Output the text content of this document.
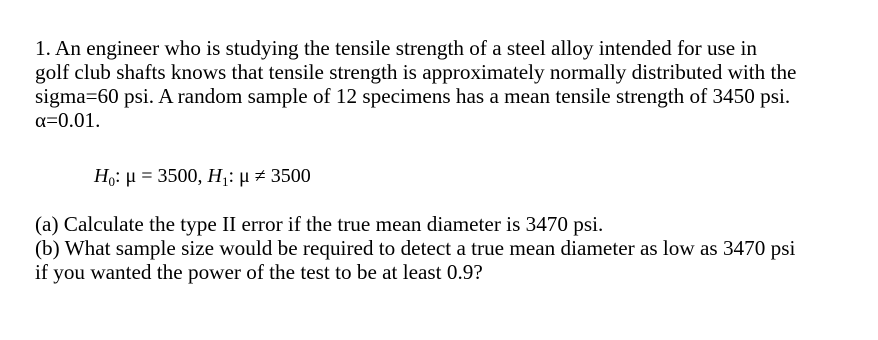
1. An engineer who is studying the tensile strength of a steel alloy intended for use in
golf club shafts knows that tensile strength is approximately normally distributed with the
sigma=60 psi. A random sample of 12 specimens has a mean tensile strength of 3450 psi.
α=0.01.
$H_0$: μ = 3500, $H_1$: μ ≠ 3500
(a) Calculate the type II error if the true mean diameter is 3470 psi.
(b) What sample size would be required to detect a true mean diameter as low as 3470 psi
if you wanted the power of the test to be at least 0.9?
